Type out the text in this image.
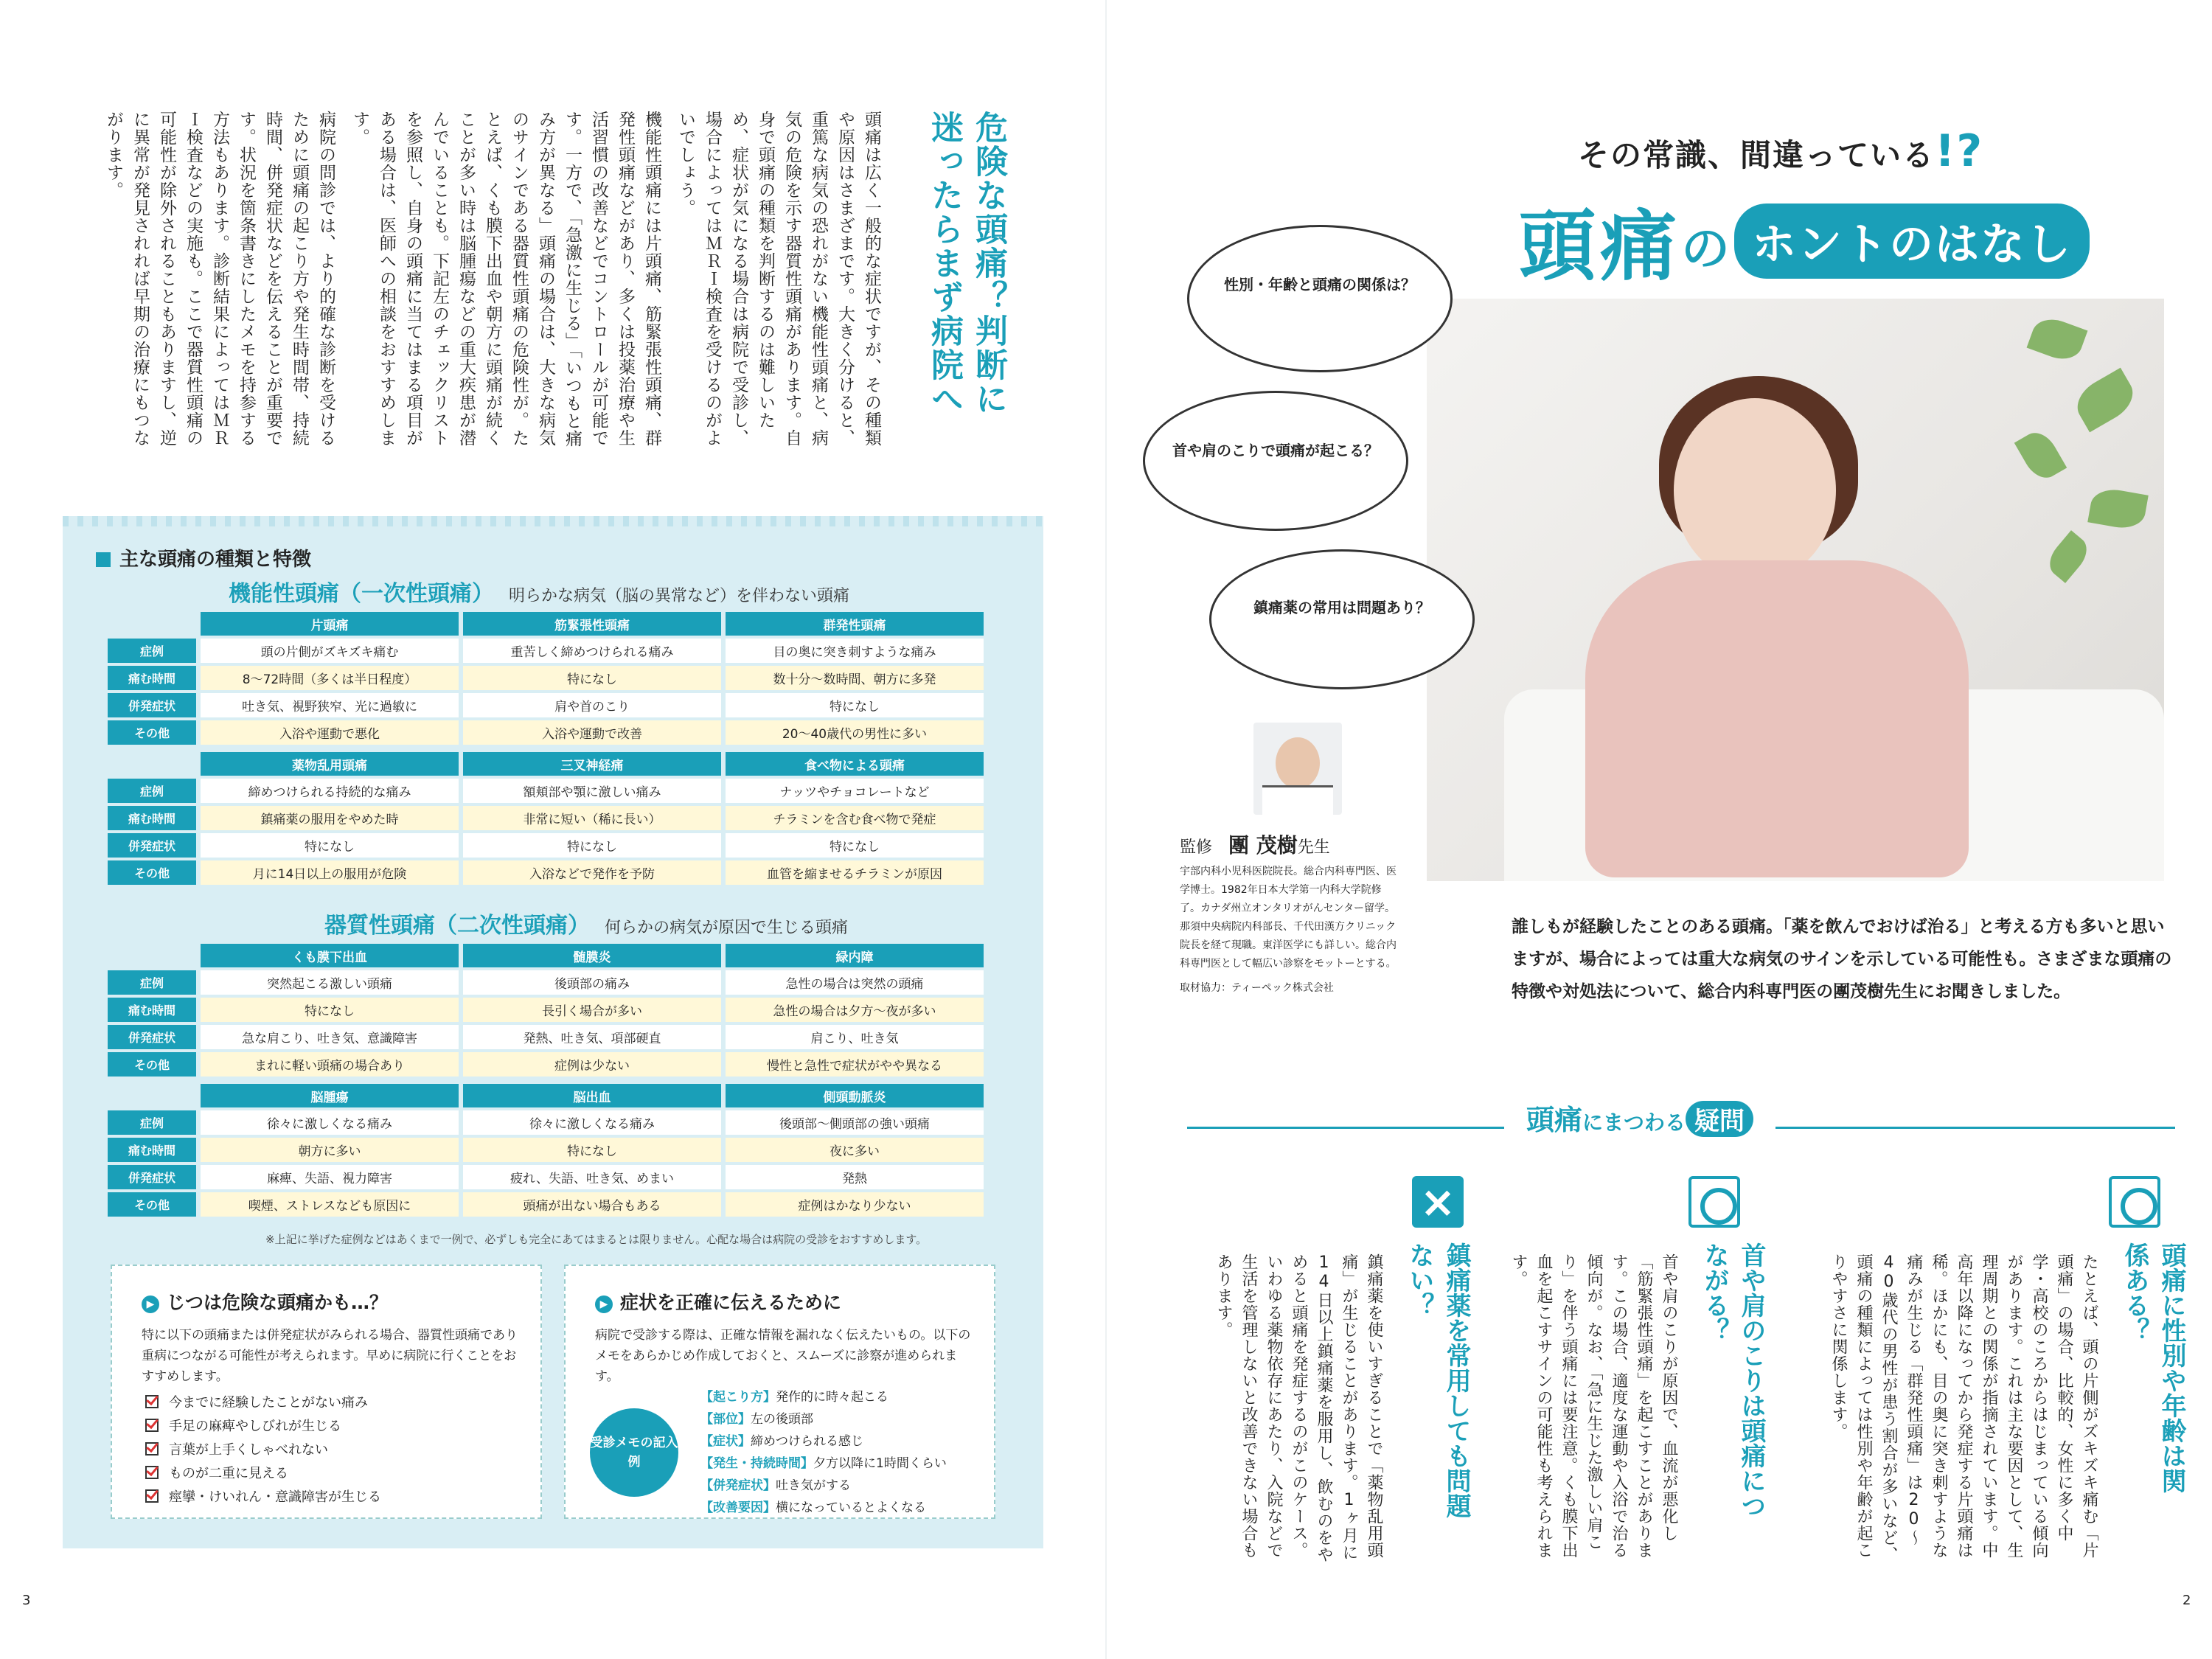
危険な頭痛？判断に迷ったらまず病院へ

頭痛は広く一般的な症状ですが、その種類や原因はさまざまです。大きく分けると、重篤な病気の恐れがない機能性頭痛と、病気の危険を示す器質性頭痛があります。自身で頭痛の種類を判断するのは難しいため、症状が気になる場合は病院で受診し、場合によってはＭＲＩ検査を受けるのがよいでしょう。

機能性頭痛には片頭痛、筋緊張性頭痛、群発性頭痛などがあり、多くは投薬治療や生活習慣の改善などでコントロールが可能です。一方で、「急激に生じる」「いつもと痛み方が異なる」頭痛の場合は、大きな病気のサインである器質性頭痛の危険性が。たとえば、くも膜下出血や朝方に頭痛が続くことが多い時は脳腫瘍などの重大疾患が潜んでいることも。下記左のチェックリストを参照し、自身の頭痛に当てはまる項目がある場合は、医師への相談をおすすめします。

病院の問診では、より的確な診断を受けるために頭痛の起こり方や発生時間帯、持続時間、併発症状などを伝えることが重要です。状況を箇条書きにしたメモを持参する方法もあります。診断結果によってはＭＲＩ検査などの実施も。ここで器質性頭痛の可能性が除外されることもありますし、逆に異常が発見されれば早期の治療にもつながります。

主な頭痛の種類と特徴
機能性頭痛（一次性頭痛） 明らかな病気（脳の異常など）を伴わない頭痛
	片頭痛	筋緊張性頭痛	群発性頭痛
症例	頭の片側がズキズキ痛む	重苦しく締めつけられる痛み	目の奥に突き刺すような痛み
痛む時間	8〜72時間（多くは半日程度）	特になし	数十分〜数時間、朝方に多発
併発症状	吐き気、視野狭窄、光に過敏に	肩や首のこり	特になし
その他	入浴や運動で悪化	入浴や運動で改善	20〜40歳代の男性に多い
	薬物乱用頭痛	三叉神経痛	食べ物による頭痛
症例	締めつけられる持続的な痛み	額頬部や顎に激しい痛み	ナッツやチョコレートなど
痛む時間	鎮痛薬の服用をやめた時	非常に短い（稀に長い）	チラミンを含む食べ物で発症
併発症状	特になし	特になし	特になし
その他	月に14日以上の服用が危険	入浴などで発作を予防	血管を縮ませるチラミンが原因
器質性頭痛（二次性頭痛） 何らかの病気が原因で生じる頭痛
	くも膜下出血	髄膜炎	緑内障
症例	突然起こる激しい頭痛	後頭部の痛み	急性の場合は突然の頭痛
痛む時間	特になし	長引く場合が多い	急性の場合は夕方〜夜が多い
併発症状	急な肩こり、吐き気、意識障害	発熱、吐き気、項部硬直	肩こり、吐き気
その他	まれに軽い頭痛の場合あり	症例は少ない	慢性と急性で症状がやや異なる
	脳腫瘍	脳出血	側頭動脈炎
症例	徐々に激しくなる痛み	徐々に激しくなる痛み	後頭部〜側頭部の強い頭痛
痛む時間	朝方に多い	特になし	夜に多い
併発症状	麻痺、失語、視力障害	疲れ、失語、吐き気、めまい	発熱
その他	喫煙、ストレスなども原因に	頭痛が出ない場合もある	症例はかなり少ない
※上記に挙げた症例などはあくまで一例で、必ずしも完全にあてはまるとは限りません。心配な場合は病院の受診をおすすめします。
▶ じつは危険な頭痛かも…？
特に以下の頭痛または併発症状がみられる場合、器質性頭痛であり重病につながる可能性が考えられます。早めに病院に行くことをおすすめします。
今までに経験したことがない痛み
手足の麻痺やしびれが生じる
言葉が上手くしゃべれない
ものが二重に見える
痙攣・けいれん・意識障害が生じる
▶ 症状を正確に伝えるために
病院で受診する際は、正確な情報を漏れなく伝えたいもの。以下のメモをあらかじめ作成しておくと、スムーズに診察が進められます。
受診メモの記入例
【起こり方】発作的に時々起こる
【部位】左の後頭部
【症状】締めつけられる感じ
【発生・持続時間】夕方以降に1時間くらい
【併発症状】吐き気がする
【改善要因】横になっているとよくなる
3
その常識、間違っている!?
頭痛の ホントのはなし
性別・年齢と頭痛の関係は？
首や肩のこりで頭痛が起こる？
鎮痛薬の常用は問題あり？
監修　 團 茂樹先生
宇部内科小児科医院院長。総合内科専門医、医学博士。1982年日本大学第一内科大学院修了。カナダ州立オンタリオがんセンター留学。那須中央病院内科部長、千代田漢方クリニック院長を経て現職。東洋医学にも詳しい。総合内科専門医として幅広い診察をモットーとする。
取材協力：ティーペック株式会社
誰しもが経験したことのある頭痛。「薬を飲んでおけば治る」と考える方も多いと思いますが、場合によっては重大な病気のサインを示している可能性も。さまざまな頭痛の特徴や対処法について、総合内科専門医の團茂樹先生にお聞きしました。
頭痛にまつわる 疑問
×
頭痛に性別や年齢は関係ある？
たとえば、頭の片側がズキズキ痛む「片頭痛」の場合、比較的、女性に多く中学・高校のころからはじまっている傾向があります。これは主な要因として、生理周期との関係が指摘されています。中高年以降になってから発症する片頭痛は稀。ほかにも、目の奥に突き刺すような痛みが生じる「群発性頭痛」は20〜40歳代の男性が患う割合が多いなど、頭痛の種類によっては性別や年齢が起こりやすさに関係します。
首や肩のこりは頭痛につながる？
首や肩のこりが原因で、血流が悪化し「筋緊張性頭痛」を起こすことがあります。この場合、適度な運動や入浴で治る傾向が。なお、「急に生じた激しい肩こり」を伴う頭痛には要注意。くも膜下出血を起こすサインの可能性も考えられます。
鎮痛薬を常用しても問題ない？
鎮痛薬を使いすぎることで「薬物乱用頭痛」が生じることがあります。1ヶ月に14日以上鎮痛薬を服用し、飲むのをやめると頭痛を発症するのがこのケース。いわゆる薬物依存にあたり、入院などで生活を管理しないと改善できない場合もあります。
2
